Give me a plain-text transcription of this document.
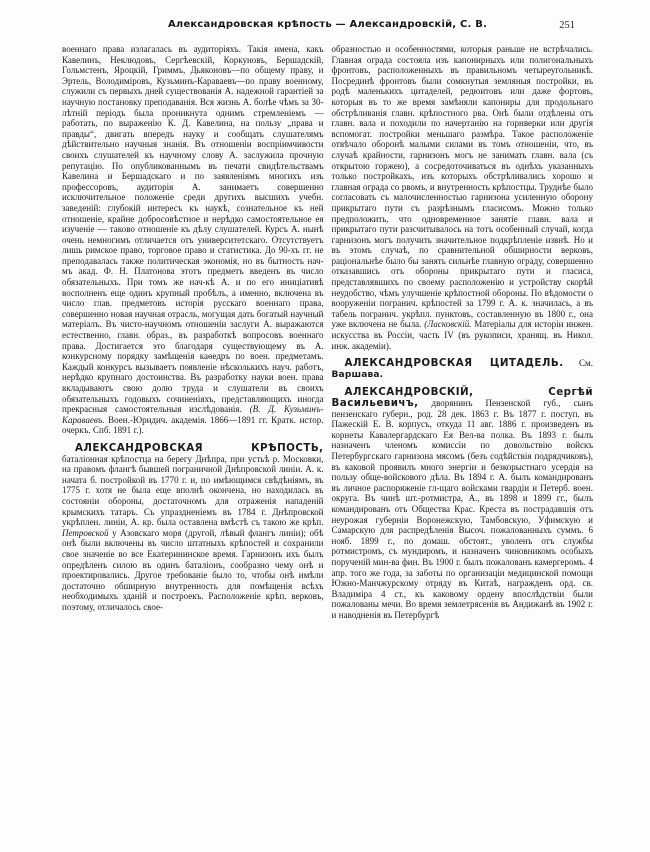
Александровская крѣпость — Александровскій, С. В.	251

военнаго права излагалась въ аудиторіяхъ. Такія имена, какъ Кавелинъ, Неклюдовъ, Сергѣевскій, Коркуновъ, Бершадскій, Гольмстенъ, Яроцкій, Гриммъ, Дьяконовъ—по общему праву, и Эртель, Володиміровъ, Кузьминъ-Караваевъ—по праву военному, служили съ первыхъ дней существованія А. надежной гарантіей за научную постановку преподаванія. Вся жизнь А. болѣе чѣмъ за 30-лѣтній періодъ была проникнута однимъ стремленіемъ — работать, по выраженію К. Д. Кавелина, на пользу „права и правды“, двигать впередъ науку и сообщать слушателямъ дѣйствительно научныя знанія. Въ отношеніи воспріимчивости своихъ слушателей къ научному слову А. заслужила прочную репутацію. По опубликованнымъ въ печати свидѣтельствамъ Кавелина и Бершадскаго и по заявленіямъ многихъ изъ профессоровъ, аудиторія А. занимаетъ совершенно исключительное положеніе среди другихъ высшихъ учебн. заведеній: глубокій интересъ къ наукѣ, сознательное къ ней отношеніе, крайне добросовѣстное и нерѣдко самостоятельное ея изученіе — таково отношеніе къ дѣлу слушателей. Курсъ А. нынѣ очень немногимъ отличается отъ университетскаго. Отсутствуетъ лишь римское право, торговое право и статистика. До 90-хъ гг. не преподавалась также политическая экономія, но въ бытность нач-мъ акад. Ф. Н. Платонова этотъ предметъ введенъ въ число обязательныхъ. При томъ же нач-кѣ А. и по его иниціативѣ восполненъ еще одинъ крупный пробѣлъ, а именно, включена въ число глав. предметовъ исторія русскаго военнаго права, совершенно новая научная отрасль, могущая дать богатый научный матеріалъ. Въ чисто-научномъ отношеніи заслуги А. выражаются естественно, главн. образ., въ разработкѣ вопросовъ военнаго права. Достигается это благодаря существующему въ А. конкурсному порядку замѣщенія каѳедръ по воен. предметамъ. Каждый конкурсъ вызываетъ появленіе нѣсколькихъ науч. работъ, нерѣдко крупнаго достоинства. Въ разработку науки воен. права вкладываютъ свою долю труда и слушатели въ своихъ обязательныхъ годовыхъ сочиненіяхъ, представляющихъ иногда прекрасныя самостоятельныя изслѣдованія. (В. Д. Кузьминъ-Караваевъ. Воен.-Юридич. академія. 1866—1891 гг. Кратк. истор. очеркъ. Спб. 1891 г.).

АЛЕКСАНДРОВСКАЯ КРѢПОСТЬ, баталіонная крѣпостца на берегу Днѣпра, при устьѣ р. Московки, на правомъ флангѣ бывшей пограничной Днѣпровской линіи. А. к. начата б. постройкой въ 1770 г. и, по имѣющимся свѣдѣніямъ, въ 1775 г. хотя не была еще вполнѣ окончена, но находилась въ состояніи обороны, достаточномъ для отраженія нападеній крымскихъ татаръ. Съ упраздненіемъ въ 1784 г. Днѣпровской укрѣплен. линіи, А. кр. была оставлена вмѣстѣ съ такою же крѣп. Петровской у Азовскаго моря (другой, лѣвый флангъ линіи); обѣ онѣ были включены въ число штатныхъ крѣпостей и сохранили свое значеніе во все Екатерининское время. Гарнизонъ ихъ былъ опредѣленъ силою въ одинъ баталіонъ, сообразно чему онѣ и проектировались. Другое требованіе было то, чтобы онѣ имѣли достаточно обширную внутренность для помѣщенія всѣхъ необходимыхъ зданій и построекъ. Расположеніе крѣп. верковъ, поэтому, отличалось свое-

образностью и особенностями, которыя раньше не встрѣчались. Главная ограда состояла изъ капонирныхъ или полигональныхъ фронтовъ, расположенныхъ въ правильномъ четыреугольникѣ. Посрединѣ фронтовъ были сомкнутыя земляныя постройки, въ родѣ маленькихъ цитаделей, редюитовъ или даже фортовъ, которыя въ то же время замѣняли капониры для продольнаго обстрѣливанія главн. крѣпостного рва. Онѣ были отдѣлены отъ главн. вала и походили по начертанію на горнверки или другія вспомогат. постройки меньшаго размѣра. Такое расположеніе отвѣчало оборонѣ малыми силами въ томъ отношеніи, что, въ случаѣ крайности, гарнизонъ могъ не занимать главн. вала (съ открытою горжею), а сосредоточиваться въ однѣхъ указанныхъ только постройкахъ, изъ которыхъ обстрѣливались хорошо и главная ограда со рвомъ, и внутренность крѣпостцы. Труднѣе было согласовать съ малочисленностью гарнизона усиленную оборону прикрытаго пути съ разрѣзнымъ гласисомъ. Можно только предположить, что одновременное занятіе главн. вала и прикрытаго пути разсчитывалось на тотъ особенный случай, когда гарнизонъ могъ получить значительное подкрѣпленіе извнѣ. Но и въ этомъ случаѣ, по сравнительной обширности верковъ, раціональнѣе было бы занять сильнѣе главную ограду, совершенно отказавшись отъ обороны прикрытаго пути и гласиса, представлявшихъ по своему расположенію и устройству скорѣй неудобство, чѣмъ улучшеніе крѣпостной обороны. По вѣдомости о вооруженіи погранич. крѣпостей за 1799 г. А. к. значилась, а въ табель погранич. укрѣпл. пунктовъ, составленную въ 1800 г., она уже включена не была. (Ласковскій. Матеріалы для исторіи инжен. искусства въ Россіи, часть IV (въ рукописи, хранящ. въ Никол. инж. академіи).

АЛЕКСАНДРОВСКАЯ ЦИТАДЕЛЬ. См. Варшава.

АЛЕКСАНДРОВСКІЙ, Сергѣй Васильевичъ, дворянинъ Пензенской губ., сынъ пензенскаго губерн., род. 28 дек. 1863 г. Въ 1877 г. поступ. въ Пажескій Е. В. корпусъ, откуда 11 авг. 1886 г. произведенъ въ корнеты Кавалергардскаго Ея Вел-ва полка. Въ 1893 г. былъ назначенъ членомъ комиссіи по довольствію войскъ Петербургскаго гарнизона мясомъ (безъ содѣйствія подрядчиковъ), въ каковой проявилъ много энергіи и безкорыстнаго усердія на пользу обще-войскового дѣла. Въ 1894 г. А. былъ командированъ въ личное распоряженіе гл-щаго войсками гвардіи и Петерб. воен. округа. Въ чинѣ шт.-ротмистра, А., въ 1898 и 1899 гг., былъ командированъ отъ Общества Крас. Креста въ пострадавшія отъ неурожая губерніи Воронежскую, Тамбовскую, Уфимскую и Самарскую для распредѣленія Высоч. пожалованныхъ суммъ. 6 нояб. 1899 г., по домаш. обстоят., уволенъ отъ службы ротмистромъ, съ мундиромъ, и назначенъ чиновникомъ особыхъ порученій мин-ва фин. Въ 1900 г. былъ пожалованъ камергеромъ. 4 апр. того же года, за заботы по организаціи медицинской помощи Южно-Манчжурскому отряду въ Китаѣ, награжденъ орд. св. Владиміра 4 ст., къ каковому ордену впослѣдствіи были пожалованы мечи. Во время землетрясенія въ Андижанѣ въ 1902 г. и наводненія въ Петербургѣ
